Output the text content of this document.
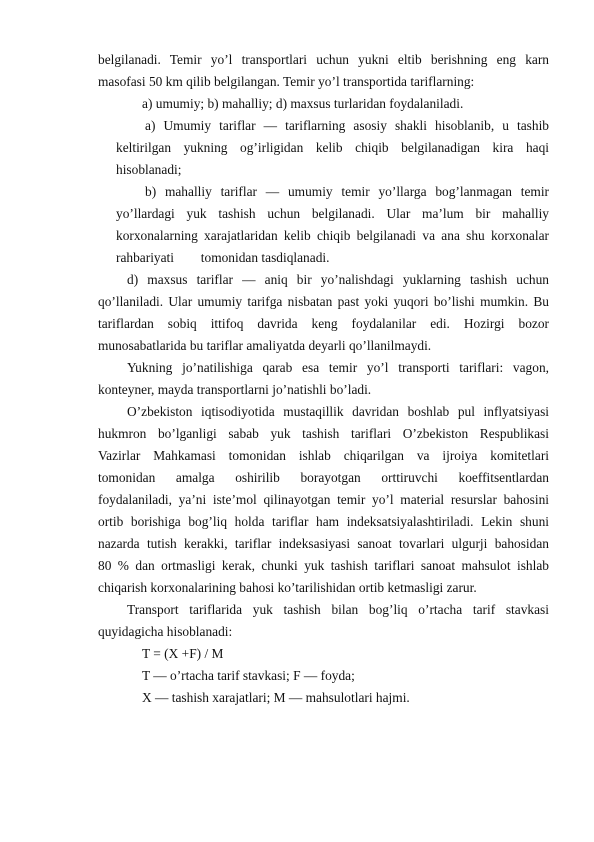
belgilanadi. Temir yo’l transportlari uchun yukni eltib berishning eng karn
masofasi 50 km qilib belgilangan. Temir yo’l transportida tariflarning:
a) umumiy; b) mahalliy; d) maxsus turlaridan foydalaniladi.
a) Umumiy tariflar — tariflarning asosiy shakli hisoblanib, u tashib
keltirilgan yukning og’irligidan kelib chiqib belgilanadigan kira haqi
hisoblanadi;
b) mahalliy tariflar — umumiy temir yo’llarga bog’lanmagan temir
yo’llardagi yuk tashish uchun belgilanadi. Ular ma’lum bir mahalliy
korxonalarning xarajatlaridan kelib chiqib belgilanadi va ana shu korxonalar
rahbariyati        tomonidan tasdiqlanadi.
d) maxsus tariflar — aniq bir yo’nalishdagi yuklarning tashish uchun
qo’llaniladi. Ular umumiy tarifga nisbatan past yoki yuqori bo’lishi mumkin. Bu
tariflardan sobiq ittifoq davrida keng foydalanilar edi. Hozirgi bozor
munosabatlarida bu tariflar amaliyatda deyarli qo’llanilmaydi.
Yukning jo’natilishiga qarab esa temir yo’l transporti tariflari: vagon,
konteyner, mayda transportlarni jo’natishli bo’ladi.
O’zbekiston iqtisodiyotida mustaqillik davridan boshlab pul inflyatsiyasi
hukmron bo’lganligi sabab yuk tashish tariflari O’zbekiston Respublikasi
Vazirlar Mahkamasi tomonidan ishlab chiqarilgan va ijroiya komitetlari
tomonidan amalga oshirilib borayotgan orttiruvchi koeffitsentlardan
foydalaniladi, ya’ni iste’mol qilinayotgan temir yo’l material resurslar bahosini
ortib borishiga bog’liq holda tariflar ham indeksatsiyalashtiriladi. Lekin shuni
nazarda tutish kerakki, tariflar indeksasiyasi sanoat tovarlari ulgurji bahosidan
80 % dan ortmasligi kerak, chunki yuk tashish tariflari sanoat mahsulot ishlab
chiqarish korxonalarining bahosi ko’tarilishidan ortib ketmasligi zarur.
Transport tariflarida yuk tashish bilan bog’liq o’rtacha tarif stavkasi
quyidagicha hisoblanadi:
T = (X +F) / M
T — o’rtacha tarif stavkasi; F — foyda;
X — tashish xarajatlari; M — mahsulotlari hajmi.
